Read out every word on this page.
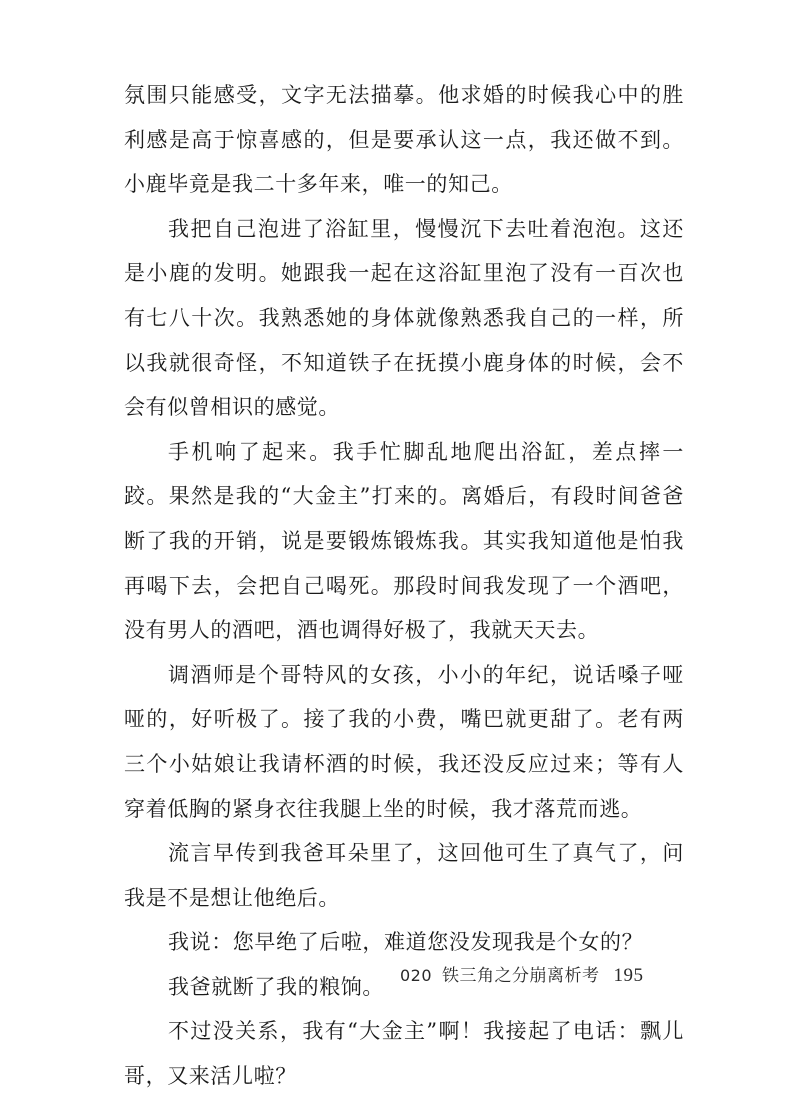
氛围只能感受，文字无法描摹。他求婚的时候我心中的胜利感是高于惊喜感的，但是要承认这一点，我还做不到。小鹿毕竟是我二十多年来，唯一的知己。

我把自己泡进了浴缸里，慢慢沉下去吐着泡泡。这还是小鹿的发明。她跟我一起在这浴缸里泡了没有一百次也有七八十次。我熟悉她的身体就像熟悉我自己的一样，所以我就很奇怪，不知道铁子在抚摸小鹿身体的时候，会不会有似曾相识的感觉。

手机响了起来。我手忙脚乱地爬出浴缸，差点摔一跤。果然是我的“大金主”打来的。离婚后，有段时间爸爸断了我的开销，说是要锻炼锻炼我。其实我知道他是怕我再喝下去，会把自己喝死。那段时间我发现了一个酒吧，没有男人的酒吧，酒也调得好极了，我就天天去。

调酒师是个哥特风的女孩，小小的年纪，说话嗓子哑哑的，好听极了。接了我的小费，嘴巴就更甜了。老有两三个小姑娘让我请杯酒的时候，我还没反应过来；等有人穿着低胸的紧身衣往我腿上坐的时候，我才落荒而逃。

流言早传到我爸耳朵里了，这回他可生了真气了，问我是不是想让他绝后。

我说：您早绝了后啦，难道您没发现我是个女的？

我爸就断了我的粮饷。

不过没关系，我有“大金主”啊！我接起了电话：飘儿哥，又来活儿啦？

020 铁三角之分崩离析考 195
